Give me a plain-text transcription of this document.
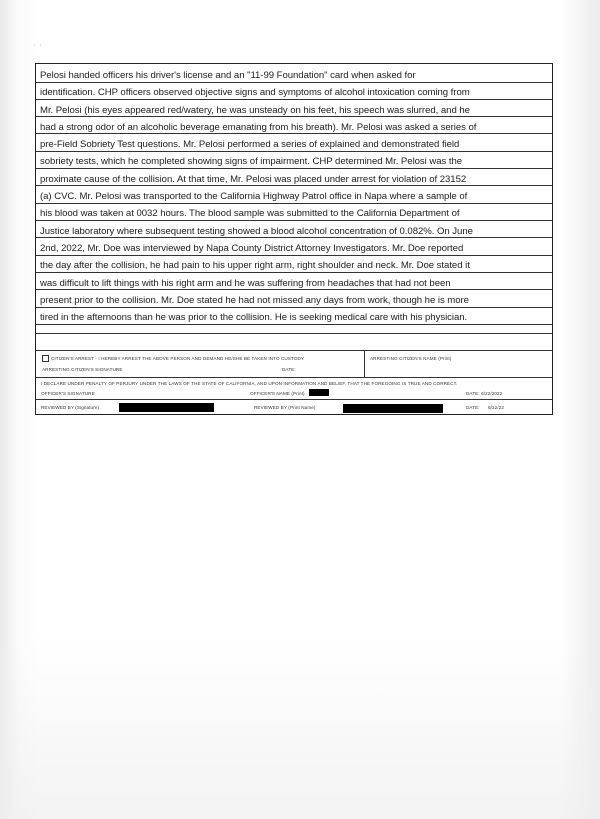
· ·
Pelosi handed officers his driver's license and an "11-99 Foundation" card when asked for
identification. CHP officers observed objective signs and symptoms of alcohol intoxication coming from
Mr. Pelosi (his eyes appeared red/watery, he was unsteady on his feet, his speech was slurred, and he
had a strong odor of an alcoholic beverage emanating from his breath). Mr. Pelosi was asked a series of
pre-Field Sobriety Test questions. Mr. Pelosi performed a series of explained and demonstrated field
sobriety tests, which he completed showing signs of impairment. CHP determined Mr. Pelosi was the
proximate cause of the collision. At that time, Mr. Pelosi was placed under arrest for violation of 23152
(a) CVC. Mr. Pelosi was transported to the California Highway Patrol office in Napa where a sample of
his blood was taken at 0032 hours. The blood sample was submitted to the California Department of
Justice laboratory where subsequent testing showed a blood alcohol concentration of 0.082%. On June
2nd, 2022, Mr. Doe was interviewed by Napa County District Attorney Investigators. Mr. Doe reported
the day after the collision, he had pain to his upper right arm, right shoulder and neck. Mr. Doe stated it
was difficult to lift things with his right arm and he was suffering from headaches that had not been
present prior to the collision. Mr. Doe stated he had not missed any days from work, though he is more
tired in the afternoons than he was prior to the collision. He is seeking medical care with his physician.
CITIZEN'S ARREST - I HEREBY ARREST THE ABOVE PERSON AND DEMAND HE/SHE BE TAKEN INTO CUSTODY
ARRESTING CITIZEN'S SIGNATURE	DATE:
ARRESTING CITIZEN'S NAME (Print)
I DECLARE UNDER PENALTY OF PERJURY UNDER THE LAWS OF THE STATE OF CALIFORNIA, AND UPON INFORMATION AND BELIEF, THAT THE FOREGOING IS TRUE AND CORRECT.
OFFICER'S SIGNATURE	OFFICER'S NAME (Print)	DATE: 6/22/2022
REVIEWED BY (Signature)	REVIEWED BY (Print Name)	DATE: 6/22/22
